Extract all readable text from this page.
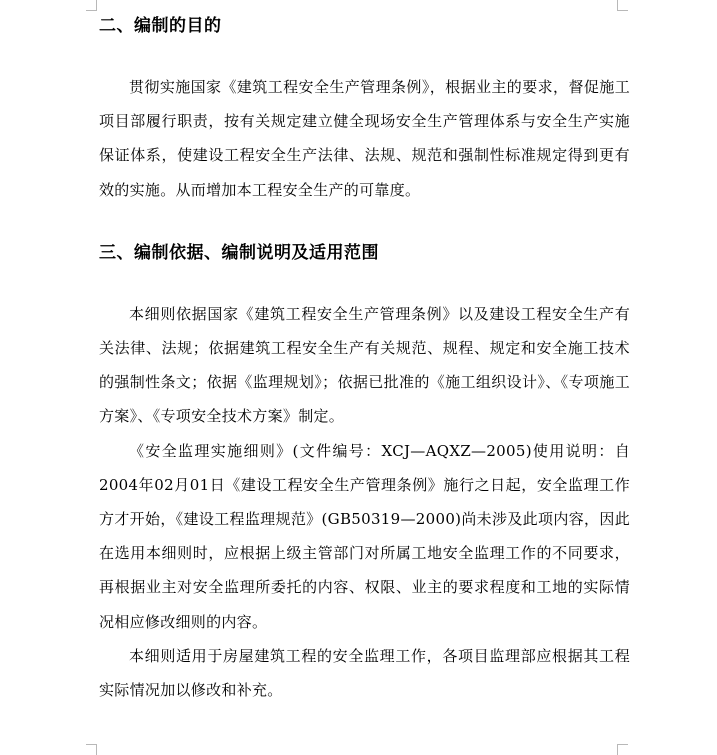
二、编制的目的

贯彻实施国家《建筑工程安全生产管理条例》，根据业主的要求，督促施工项目部履行职责，按有关规定建立健全现场安全生产管理体系与安全生产实施保证体系，使建设工程安全生产法律、法规、规范和强制性标准规定得到更有效的实施。从而增加本工程安全生产的可靠度。

三、编制依据、编制说明及适用范围

本细则依据国家《建筑工程安全生产管理条例》以及建设工程安全生产有关法律、法规；依据建筑工程安全生产有关规范、规程、规定和安全施工技术的强制性条文；依据《监理规划》；依据已批准的《施工组织设计》、《专项施工方案》、《专项安全技术方案》制定。

《安全监理实施细则》(文件编号：XCJ—AQXZ—2005)使用说明：自2004年02月01日《建设工程安全生产管理条例》施行之日起，安全监理工作方才开始，《建设工程监理规范》(GB50319—2000)尚未涉及此项内容，因此在选用本细则时，应根据上级主管部门对所属工地安全监理工作的不同要求，再根据业主对安全监理所委托的内容、权限、业主的要求程度和工地的实际情况相应修改细则的内容。

本细则适用于房屋建筑工程的安全监理工作，各项目监理部应根据其工程实际情况加以修改和补充。
